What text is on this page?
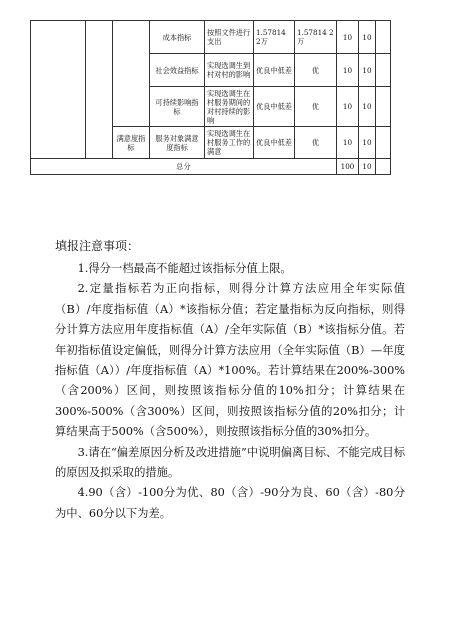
			成本指标	按照文件进行支出	1.57814 2万	1.57814 2万	10	10	
			社会效益指标	实现选调生到村对村的影响	优良中低差	优	10	10	
			可持续影响指标	实现选调生在村服务期间的对村持续的影响	优良中低差	优	10	10	
		满意度指标	服务对象满意度指标	实现选调生在村服务工作的满意	优良中低差	优	10	10	
总分							100	10	
填报注意事项：

1.得分一档最高不能超过该指标分值上限。

2.定量指标若为正向指标，则得分计算方法应用全年实际值（B）/年度指标值（A）*该指标分值；若定量指标为反向指标，则得分计算方法应用年度指标值（A）/全年实际值（B）*该指标分值。若年初指标值设定偏低，则得分计算方法应用（全年实际值（B）—年度指标值（A））/年度指标值（A）*100%。若计算结果在200%-300%（含200%）区间，则按照该指标分值的10%扣分；计算结果在300%-500%（含300%）区间，则按照该指标分值的20%扣分；计算结果高于500%（含500%），则按照该指标分值的30%扣分。

3.请在“偏差原因分析及改进措施”中说明偏离目标、不能完成目标的原因及拟采取的措施。

4.90（含）-100分为优、80（含）-90分为良、60（含）-80分为中、60分以下为差。
